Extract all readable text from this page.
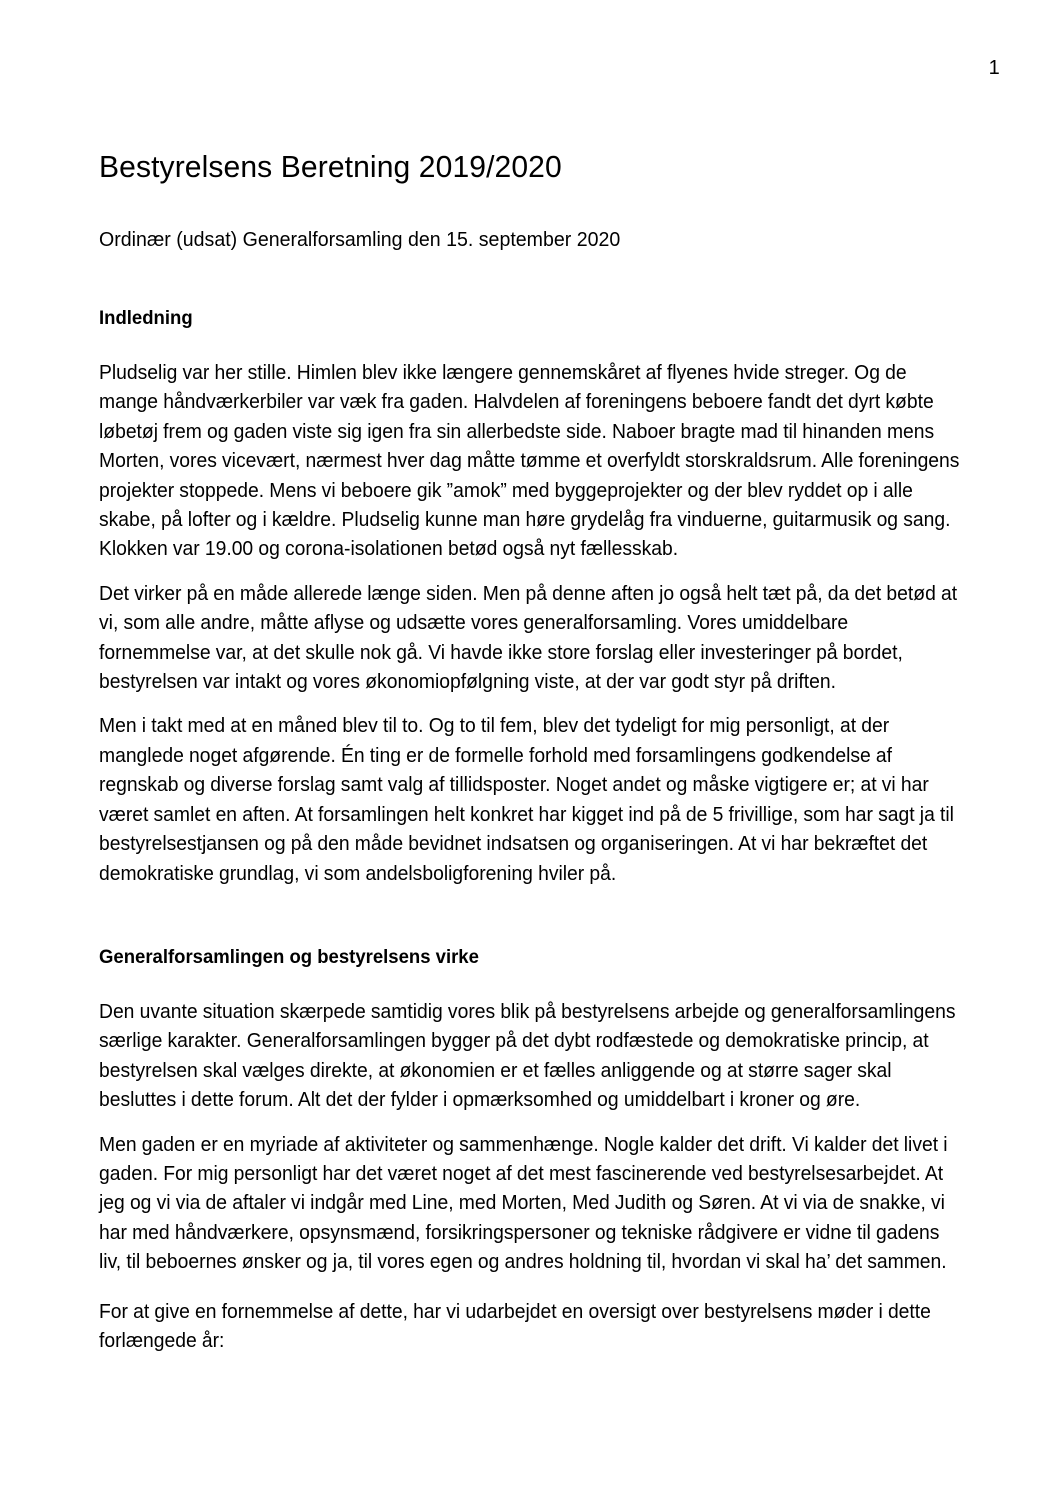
1
Bestyrelsens Beretning 2019/2020
Ordinær (udsat) Generalforsamling den 15. september 2020
Indledning

Pludselig var her stille. Himlen blev ikke længere gennemskåret af flyenes hvide streger. Og de mange håndværkerbiler var væk fra gaden. Halvdelen af foreningens beboere fandt det dyrt købte løbetøj frem og gaden viste sig igen fra sin allerbedste side. Naboer bragte mad til hinanden mens Morten, vores vicevært, nærmest hver dag måtte tømme et overfyldt storskraldsrum. Alle foreningens projekter stoppede. Mens vi beboere gik ”amok” med byggeprojekter og der blev ryddet op i alle skabe, på lofter og i kældre. Pludselig kunne man høre grydelåg fra vinduerne, guitarmusik og sang. Klokken var 19.00 og corona-isolationen betød også nyt fællesskab.

Det virker på en måde allerede længe siden. Men på denne aften jo også helt tæt på, da det betød at vi, som alle andre, måtte aflyse og udsætte vores generalforsamling. Vores umiddelbare fornemmelse var, at det skulle nok gå. Vi havde ikke store forslag eller investeringer på bordet, bestyrelsen var intakt og vores økonomiopfølgning viste, at der var godt styr på driften.

Men i takt med at en måned blev til to. Og to til fem, blev det tydeligt for mig personligt, at der manglede noget afgørende. Én ting er de formelle forhold med forsamlingens godkendelse af regnskab og diverse forslag samt valg af tillidsposter. Noget andet og måske vigtigere er; at vi har været samlet en aften. At forsamlingen helt konkret har kigget ind på de 5 frivillige, som har sagt ja til bestyrelsestjansen og på den måde bevidnet indsatsen og organiseringen. At vi har bekræftet det demokratiske grundlag, vi som andelsboligforening hviler på.

Generalforsamlingen og bestyrelsens virke

Den uvante situation skærpede samtidig vores blik på bestyrelsens arbejde og generalforsamlingens særlige karakter. Generalforsamlingen bygger på det dybt rodfæstede og demokratiske princip, at bestyrelsen skal vælges direkte, at økonomien er et fælles anliggende og at større sager skal besluttes i dette forum. Alt det der fylder i opmærksomhed og umiddelbart i kroner og øre.

Men gaden er en myriade af aktiviteter og sammenhænge. Nogle kalder det drift. Vi kalder det livet i gaden. For mig personligt har det været noget af det mest fascinerende ved bestyrelsesarbejdet. At jeg og vi via de aftaler vi indgår med Line, med Morten, Med Judith og Søren. At vi via de snakke, vi har med håndværkere, opsynsmænd, forsikringspersoner og tekniske rådgivere er vidne til gadens liv, til beboernes ønsker og ja, til vores egen og andres holdning til, hvordan vi skal ha’ det sammen.

For at give en fornemmelse af dette, har vi udarbejdet en oversigt over bestyrelsens møder i dette forlængede år:
